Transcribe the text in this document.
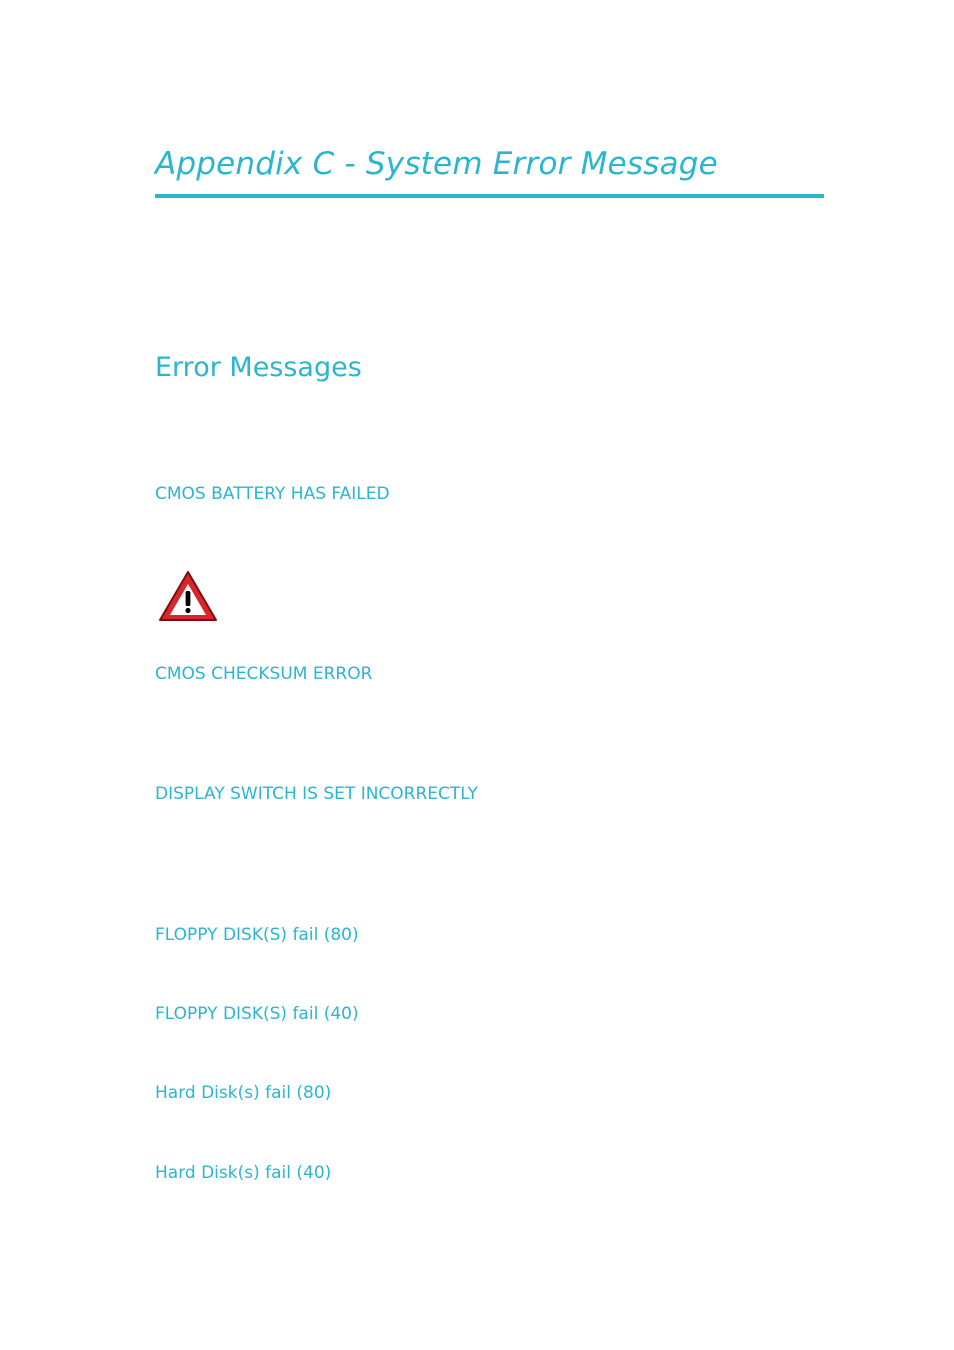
Appendix C - System Error Message
Error Messages

CMOS BATTERY HAS FAILED

CMOS CHECKSUM ERROR

DISPLAY SWITCH IS SET INCORRECTLY

FLOPPY DISK(S) fail (80)

FLOPPY DISK(S) fail (40)

Hard Disk(s) fail (80)

Hard Disk(s) fail (40)
